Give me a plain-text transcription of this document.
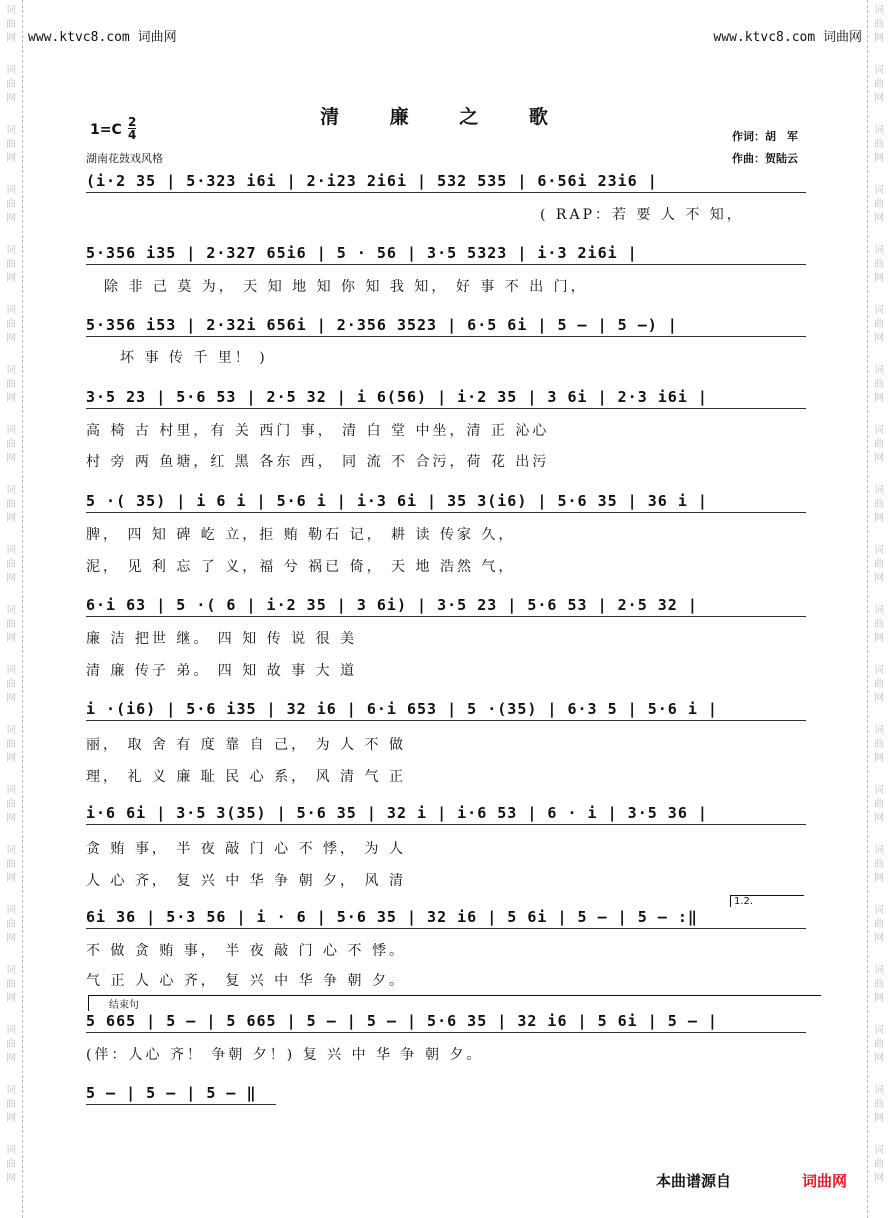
词
曲
网
词
曲
网
词
曲
网
词
曲
网
词
曲
网
词
曲
网
词
曲
网
词
曲
网
词
曲
网
词
曲
网
词
曲
网
词
曲
网
词
曲
网
词
曲
网
词
曲
网
词
曲
网
词
曲
网
词
曲
网
词
曲
网
词
曲
网
词
曲
网
词
曲
网
词
曲
网
词
曲
网
词
曲
网
词
曲
网
词
曲
网
词
曲
网
词
曲
网
词
曲
网
词
曲
网
词
曲
网
词
曲
网
词
曲
网
词
曲
网
词
曲
网
词
曲
网
词
曲
网
词
曲
网
词
曲
网
www.ktvc8.com 词曲网	www.ktvc8.com 词曲网
清 廉 之 歌
$1=C \frac{2}{4}$
湖南花鼓戏风格
作词：胡　军
作曲：贺陆云
(i·2 35 | 5·323 i6i | 2·i23 2i6i | 532 535 | 6·56i 23i6 |
( RAP：若 要 人 不 知，
5·356 i35 | 2·327 65i6 | 5 · 56 | 3·5 5323 | i·3 2i6i |
除 非 己 莫 为， 天 知 地 知 你 知 我 知， 好 事 不 出 门，
5·356 i53 | 2·32i 656i | 2·356 3523 | 6·5 6i | 5 – | 5 –) |
坏 事 传 千 里！ )
3·5 23 | 5·6 53 | 2·5 32 | i 6(56) | i·2 35 | 3 6i | 2·3 i6i |
高 椅 古 村里，有 关 西门 事， 清 白 堂 中坐，清 正 沁心
村 旁 两 鱼塘，红 黑 各东 西， 同 流 不 合污，荷 花 出污
5 ·( 35) | i 6 i | 5·6 i | i·3 6i | 35 3(i6) | 5·6 35 | 36 i |
脾， 四 知 碑 屹 立，拒 贿 勒石 记， 耕 读 传家 久，
泥， 见 利 忘 了 义，福 兮 祸已 倚， 天 地 浩然 气，
6·i 63 | 5 ·( 6 | i·2 35 | 3 6i) | 3·5 23 | 5·6 53 | 2·5 32 |
廉 洁 把世 继。 四 知 传 说 很 美
清 廉 传子 弟。 四 知 故 事 大 道
i ·(i6) | 5·6 i35 | 32 i6 | 6·i 653 | 5 ·(35) | 6·3 5 | 5·6 i |
丽， 取 舍 有 度 靠 自 己， 为 人 不 做
理， 礼 义 廉 耻 民 心 系， 风 清 气 正
i·6 6i | 3·5 3(35) | 5·6 35 | 32 i | i·6 53 | 6 · i | 3·5 36 |
贪 贿 事， 半 夜 敲 门 心 不 悸， 为 人
人 心 齐， 复 兴 中 华 争 朝 夕， 风 清
1.2.
6i 36 | 5·3 56 | i · 6 | 5·6 35 | 32 i6 | 5 6i | 5 – | 5 – :‖
不 做 贪 贿 事， 半 夜 敲 门 心 不 悸。
气 正 人 心 齐， 复 兴 中 华 争 朝 夕。
结束句
5 665 | 5 – | 5 665 | 5 – | 5 – | 5·6 35 | 32 i6 | 5 6i | 5 – |
(伴：人心 齐！ 争朝 夕！) 复 兴 中 华 争 朝 夕。
5 – | 5 – | 5 – ‖
本曲谱源自	词曲网
